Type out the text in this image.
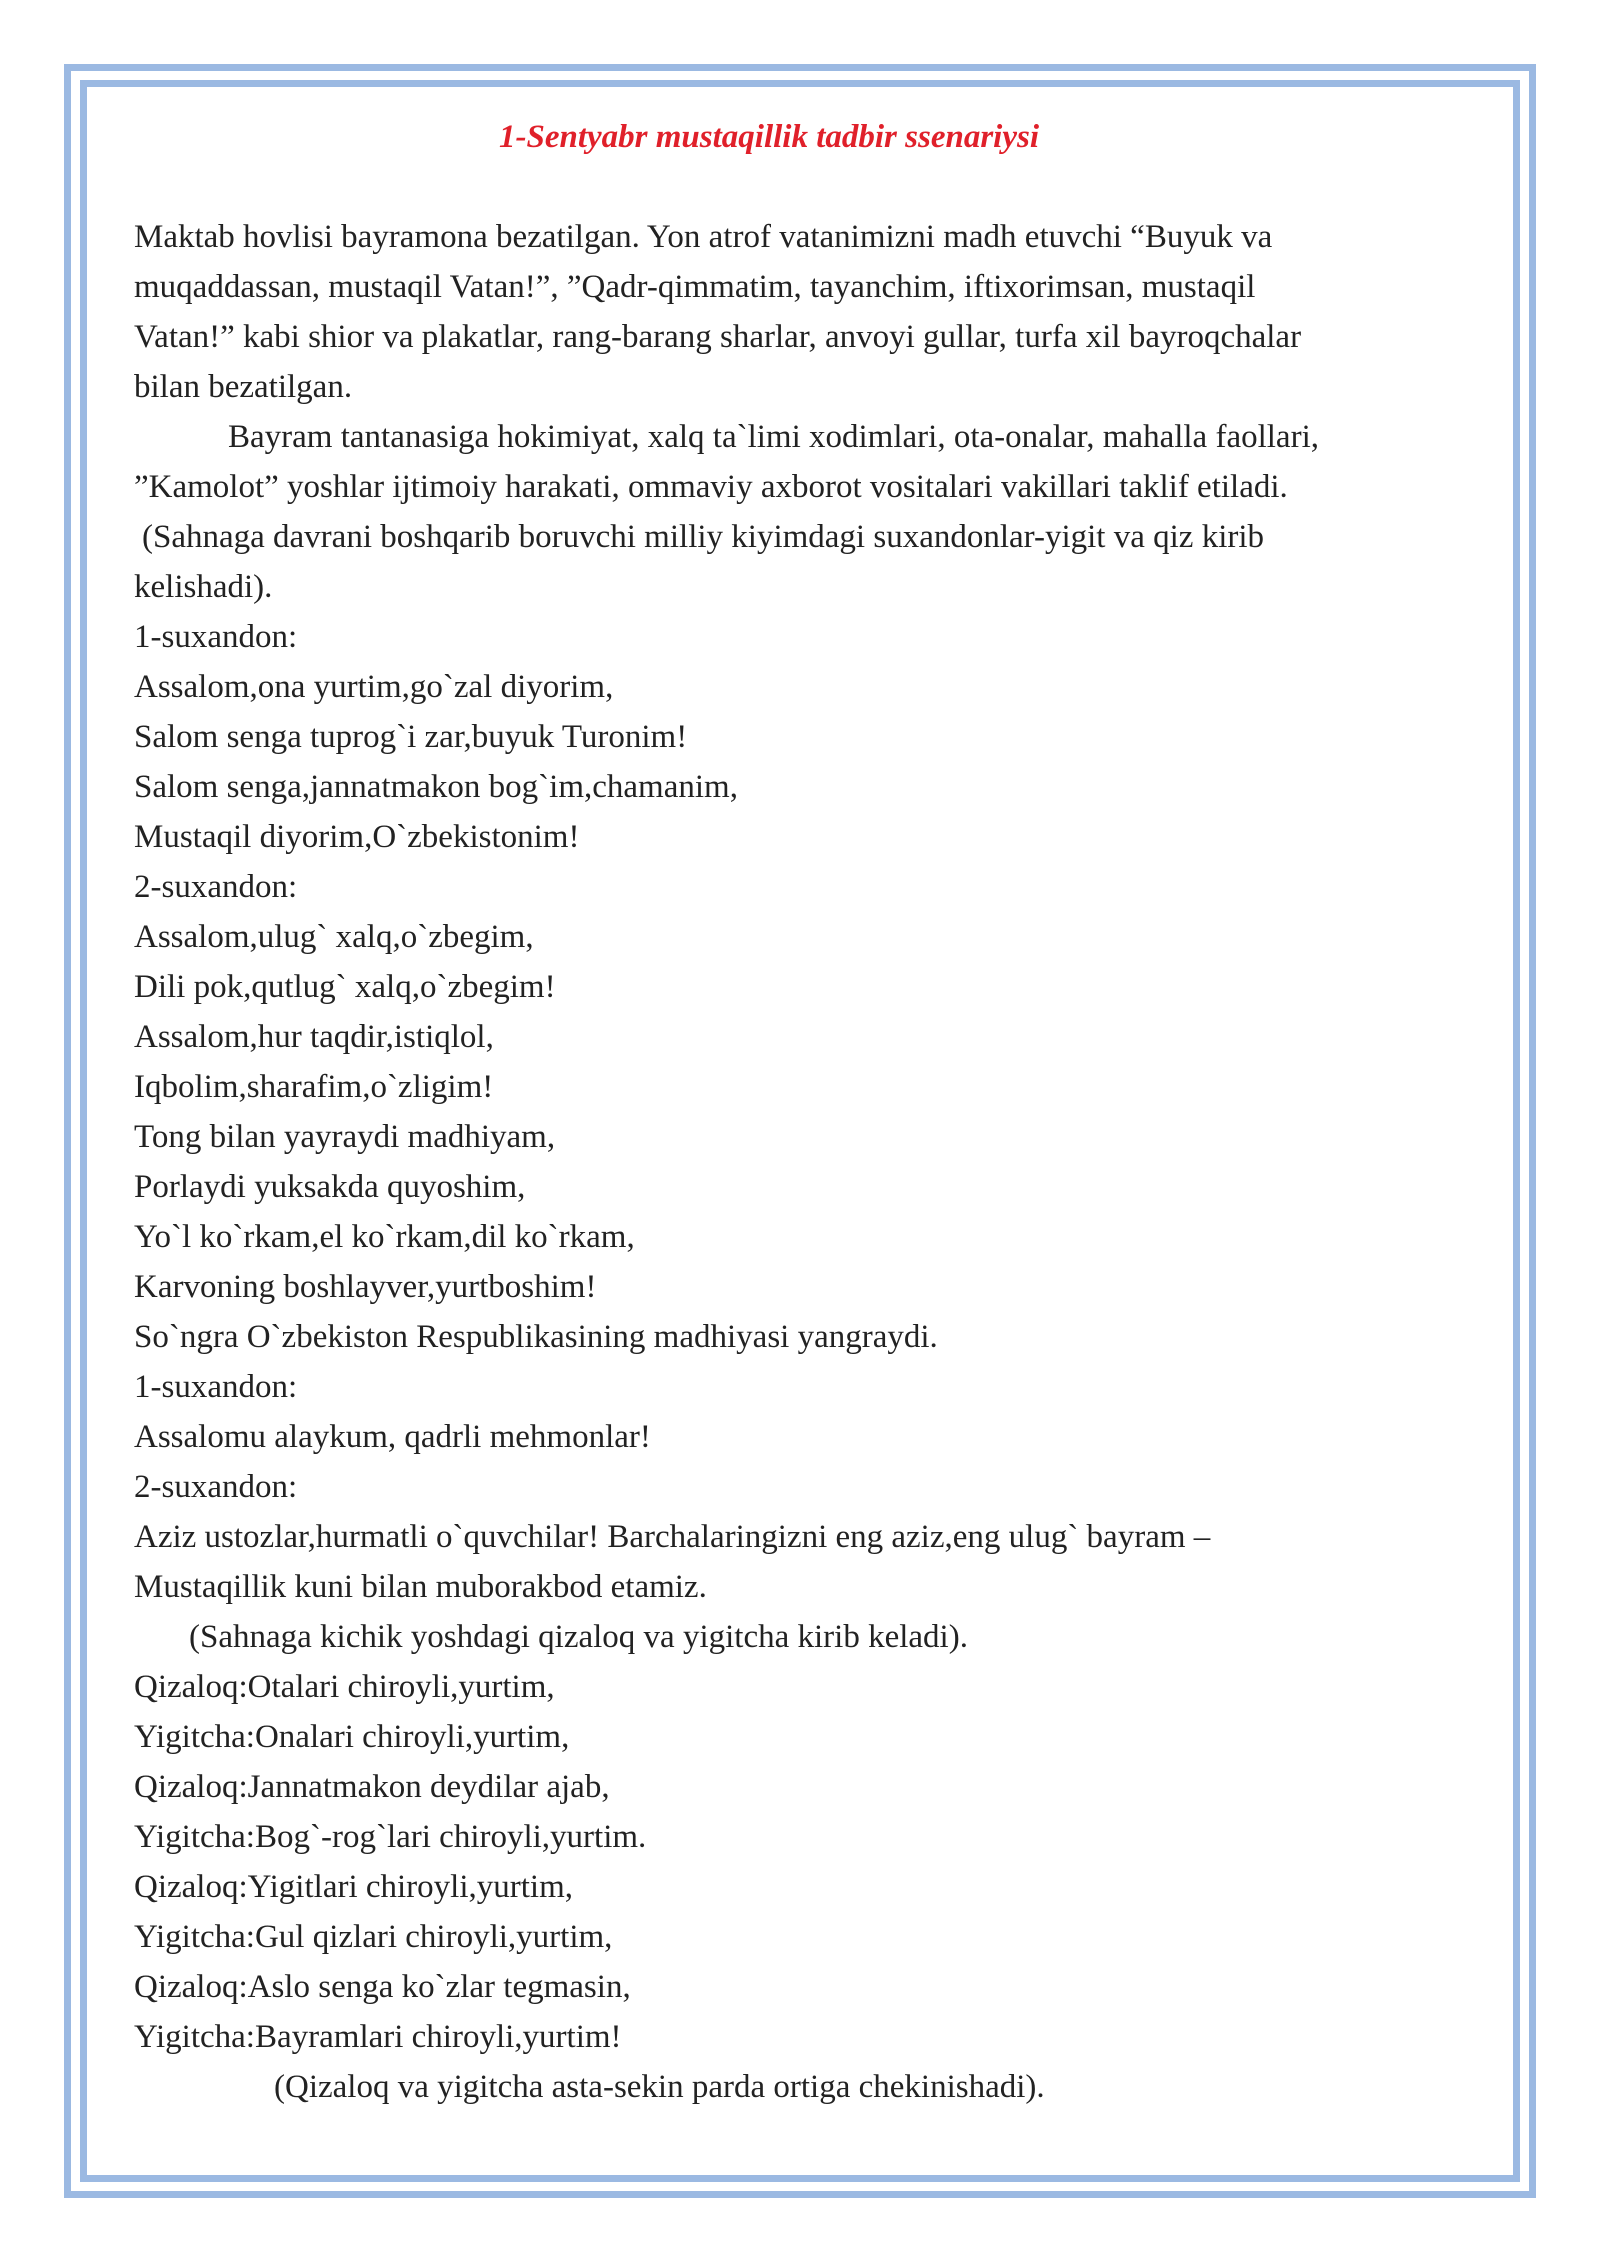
1-Sentyabr mustaqillik tadbir ssenariysi
Maktab hovlisi bayramona bezatilgan. Yon atrof vatanimizni madh etuvchi “Buyuk va
muqaddassan, mustaqil Vatan!”, ”Qadr-qimmatim, tayanchim, iftixorimsan, mustaqil
Vatan!” kabi shior va plakatlar, rang-barang sharlar, anvoyi gullar, turfa xil bayroqchalar
bilan bezatilgan.
Bayram tantanasiga hokimiyat, xalq ta`limi xodimlari, ota-onalar, mahalla faollari,
”Kamolot” yoshlar ijtimoiy harakati, ommaviy axborot vositalari vakillari taklif etiladi.
(Sahnaga davrani boshqarib boruvchi milliy kiyimdagi suxandonlar-yigit va qiz kirib
kelishadi).
1-suxandon:
Assalom,ona yurtim,go`zal diyorim,
Salom senga tuprog`i zar,buyuk Turonim!
Salom senga,jannatmakon bog`im,chamanim,
Mustaqil diyorim,O`zbekistonim!
2-suxandon:
Assalom,ulug` xalq,o`zbegim,
Dili pok,qutlug` xalq,o`zbegim!
Assalom,hur taqdir,istiqlol,
Iqbolim,sharafim,o`zligim!
Tong bilan yayraydi madhiyam,
Porlaydi yuksakda quyoshim,
Yo`l ko`rkam,el ko`rkam,dil ko`rkam,
Karvoning boshlayver,yurtboshim!
So`ngra O`zbekiston Respublikasining madhiyasi yangraydi.
1-suxandon:
Assalomu alaykum, qadrli mehmonlar!
2-suxandon:
Aziz ustozlar,hurmatli o`quvchilar! Barchalaringizni eng aziz,eng ulug` bayram –
Mustaqillik kuni bilan muborakbod etamiz.
(Sahnaga kichik yoshdagi qizaloq va yigitcha kirib keladi).
Qizaloq:Otalari chiroyli,yurtim,
Yigitcha:Onalari chiroyli,yurtim,
Qizaloq:Jannatmakon deydilar ajab,
Yigitcha:Bog`-rog`lari chiroyli,yurtim.
Qizaloq:Yigitlari chiroyli,yurtim,
Yigitcha:Gul qizlari chiroyli,yurtim,
Qizaloq:Aslo senga ko`zlar tegmasin,
Yigitcha:Bayramlari chiroyli,yurtim!
(Qizaloq va yigitcha asta-sekin parda ortiga chekinishadi).
